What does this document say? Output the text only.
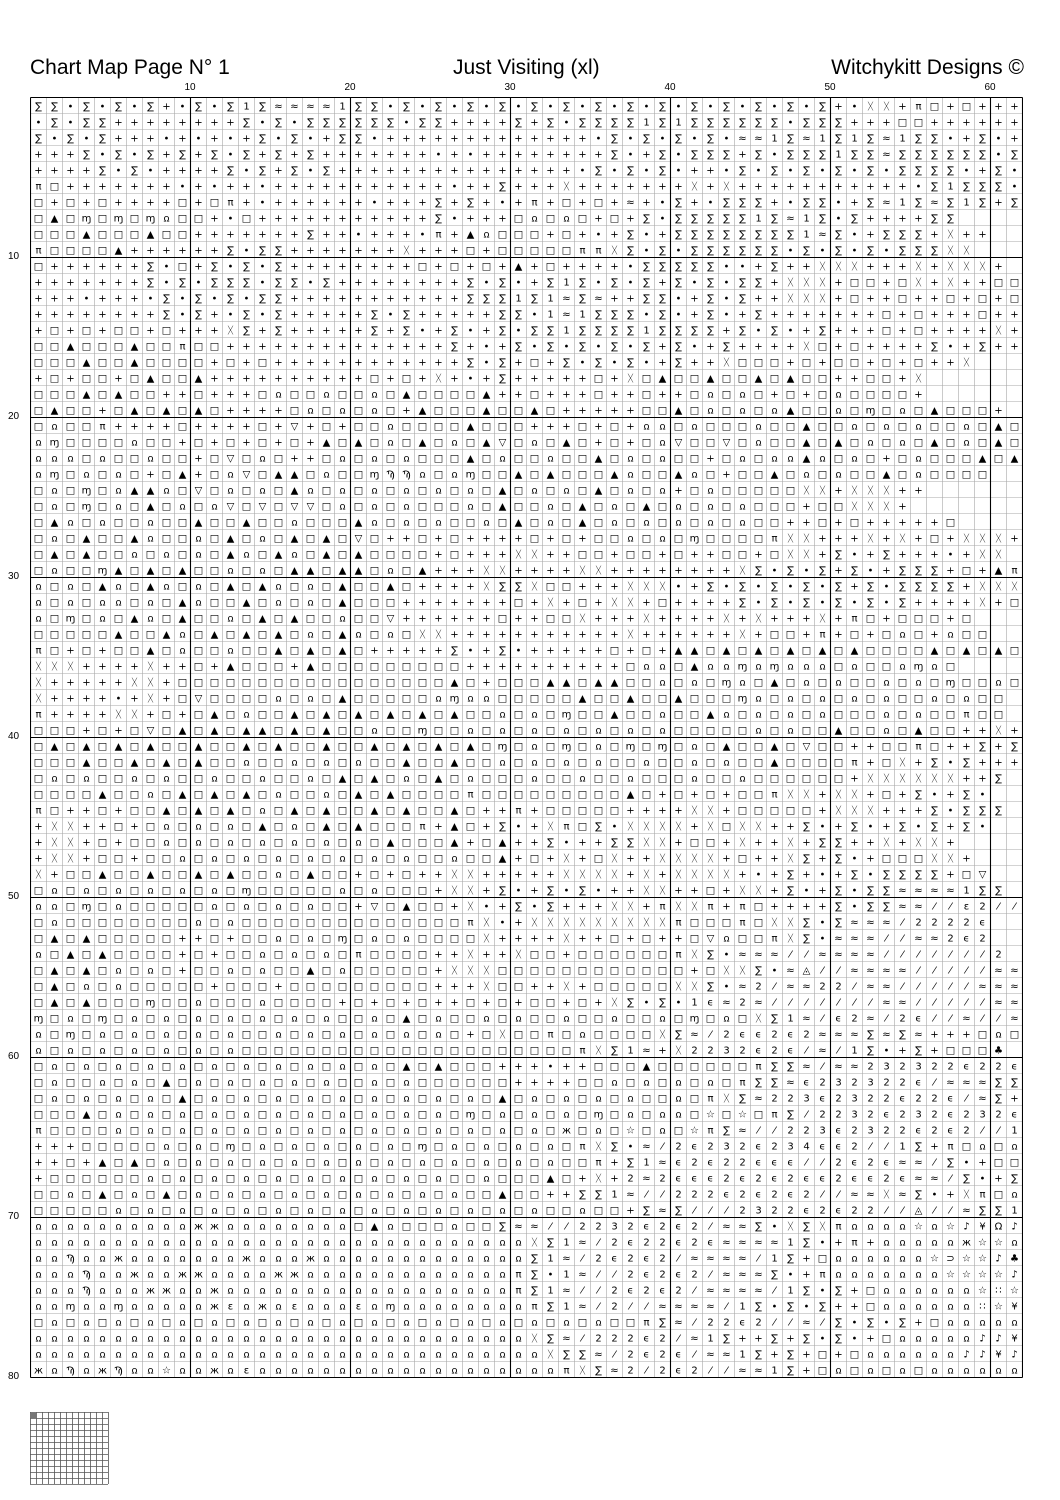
Chart Map Page N° 1	Just Visiting (xl)	Witchykitt Designs ©
10	20	30	40	50	60
10
20
30
40
50
60
70
80
∑ ∑ • ∑ • ∑ • ∑ + • ∑ • ∑ 1 ∑ ≈ ≈ ≈ ≈ 1 ∑ ∑ • ∑ • ∑ • ∑ • ∑ • ∑ • ∑ • ∑ • ∑ • ∑ • ∑ • ∑ • ∑ • ∑ • ∑ + • ᚷ ᚷ + π □ + □ + + +
• ∑ • ∑ ∑ + + + + + + + + ∑ • ∑ • ∑ ∑ ∑ ∑ ∑ ∑ • ∑ ∑ + + + + ∑ + ∑ • ∑ ∑ ∑ ∑ 1 ∑ 1 ∑ ∑ ∑ ∑ ∑ ∑ • ∑ ∑ ∑ + + + □ □ + + + + + +
∑ • ∑ • ∑ + + + • + • + • + ∑ • ∑ • + ∑ ∑ • + + + + + + + + + + + + + • ∑ • ∑ • ∑ • ∑ • ≈ ≈ 1 ∑ ≈ 1 ∑ 1 ∑ ≈ 1 ∑ ∑ • + ∑ • +
+ + + ∑ • ∑ • ∑ + ∑ + ∑ • ∑ + ∑ + ∑ + + + + + + + • + • + + + + + + + + ∑ • + ∑ • ∑ ∑ ∑ + ∑ • ∑ ∑ ∑ 1 ∑ ∑ ≈ ∑ ∑ ∑ ∑ ∑ ∑ • ∑
+ + + + ∑ • ∑ • + + + + ∑ • ∑ + ∑ • ∑ + + + + + + + + + + + + + + + • ∑ • ∑ • ∑ • + + • ∑ • ∑ • ∑ • ∑ • ∑ • ∑ ∑ ∑ ∑ • + ∑ •
π □ + + + + + + + • + • + + • + + + + + + + + + + + • + + ∑ + + + ᚷ + + + + + + + ᚷ + ᚷ + + + + + + + + + + + • ∑ 1 ∑ ∑ ∑ •
□ + □ + □ + + + + □ + □ π + • + + + + + + • + + + ∑ + ∑ + • + π + □ + □ + ≈ + • ∑ + • ∑ ∑ ∑ + • ∑ ∑ • + ∑ ≈ 1 ∑ ≈ ∑ 1 ∑ + ∑
□ ▲ □ ɱ □ ɱ □ ɱ ꭥ □ □ + • □ + + + + + + + + + + + ∑ • + + + □ ꭥ □ ꭥ □ + □ + ∑ • ∑ ∑ ∑ ∑ ∑ 1 ∑ ≈ 1 ∑ • ∑ + + + + ∑ ∑
□ □ □ ▲ □ □ □ ▲ □ □ + + + + + + + ∑ + + • + + + • π + ▲ ꭥ □ □ □ + □ + • + ∑ • + ∑ ∑ ∑ ∑ ∑ ∑ ∑ ∑ 1 ≈ ∑ • + ∑ ∑ ∑ + ᚷ + +
π □ □ □ □ ▲ + + + + + + ∑ • ∑ ∑ + + + + + + + ᚷ + + + □ + □ □ □ □ □ π π ᚷ ∑ • ∑ • ∑ ∑ ∑ ∑ ∑ ∑ • ∑ • ∑ • ∑ • ∑ ∑ ∑ ᚷ ᚷ
□ + + + + + + ∑ • □ + ∑ • ∑ • ∑ + + + + + + + + □ + □ + □ + ▲ + □ + + + + • ∑ ∑ ∑ ∑ ∑ • • + ∑ + + ᚷ ᚷ ᚷ + + + ᚷ + ᚷ ᚷ ᚷ +
+ + + + + + + ∑ • ∑ • ∑ ∑ ∑ • ∑ ∑ • ∑ + + + + + + + + ∑ • ∑ • + ∑ 1 ∑ • ∑ • ∑ + ∑ • ∑ • ∑ ∑ + ᚷ ᚷ ᚷ + □ □ + □ ᚷ + ᚷ + + □ □
+ + + • + + + • ∑ • ∑ • ∑ • ∑ ∑ + + + + + + + + + + + ∑ ∑ ∑ 1 ∑ 1 ≈ ∑ ≈ + + ∑ ∑ • + ∑ • ∑ + + ᚷ ᚷ ᚷ + □ + + □ + + □ + □ + □
+ + + + + + + + ∑ • ∑ + • ∑ • ∑ + + + + + ∑ • ∑ + + + + + ∑ ∑ • 1 ≈ 1 ∑ ∑ ∑ • ∑ • + ∑ • + ∑ + + + + + + + □ + □ + + + □ + +
+ □ + □ + □ □ + □ + + + ᚷ ∑ + ∑ + + + + + ∑ + ∑ • + ∑ • + ∑ • ∑ ∑ 1 ∑ ∑ ∑ ∑ 1 ∑ ∑ ∑ ∑ + ∑ • ∑ • + ∑ + + + □ + □ + + + + ᚷ +
□ □ ▲ □ □ □ ▲ □ □ π □ □ + + + + + + + + + + + + + + ∑ + • + ∑ • ∑ • ∑ • ∑ • ∑ + ∑ • + ∑ + + + + ᚷ □ + □ + + + + ∑ • + ∑ + +
□ □ □ ▲ □ □ ▲ □ □ □ □ + □ + □ + + + + + + + + + + + + ∑ • ∑ + □ + ∑ • ∑ • ∑ • + ∑ + + ᚷ □ □ □ + □ + □ □ + □ + □ + + ᚷ
+ □ + □ □ + □ ▲ □ □ ▲ + + + + + + + + + + □ + □ + ᚷ + • + ∑ + + + + + □ + ᚷ □ ▲ □ □ ▲ □ □ ▲ □ ▲ □ □ + + □ □ + ᚷ
□ □ □ ▲ □ ▲ □ □ + + □ + + + □ ꭥ □ □ ꭥ □ □ ꭥ □ ▲ □ □ □ □ ▲ + + □ + + + □ + + □ + + □ ꭥ □ ꭥ □ + □ + □ ꭥ □ □ □ □ +
□ ▲ □ □ + □ ▲ □ ▲ □ ▲ □ + + + + □ ꭥ □ ꭥ □ ꭥ □ + ▲ □ □ □ ▲ □ □ ▲ □ + + + + + □ □ ▲ □ ꭥ □ ꭥ □ ꭥ ▲ □ □ ꭥ □ ɱ □ ꭥ □ ▲ □ □ □ +
□ ꭥ □ □ π + + + + □ + + + + □ + ▽ + □ + □ □ ꭥ □ □ □ □ ▲ □ □ □ + + + □ + □ + ꭥ ꭥ □ ꭥ □ □ □ ꭥ □ □ ▲ □ □ ꭥ □ ꭥ □ ꭥ □ □ ꭥ □ ▲ □
ꭥ ɱ □ □ □ □ ꭥ □ □ + □ + □ + □ + □ + ▲ □ ▲ □ ꭥ □ ▲ □ ꭥ □ ▲ ▽ □ ꭥ □ ▲ □ + □ + □ ꭥ ▽ □ □ ▽ □ ꭥ □ □ ▲ □ ▲ □ ꭥ □ ꭥ □ ▲ □ ꭥ □ ▲ □
ꭥ ꭥ ꭥ □ ꭥ □ □ ꭥ □ □ + □ ▽ □ ꭥ □ + + □ ꭥ □ ꭥ □ ꭥ □ □ □ ▲ □ ꭥ □ □ ꭥ □ □ ▲ □ ꭥ □ ꭥ □ □ + □ ꭥ □ ꭥ ꭥ ▲ ꭥ □ ꭥ □ + □ ꭥ □ □ □ ▲ □ ▲
ꭥ ɱ □ ꭥ □ ꭥ □ + □ ▲ + □ ꭥ ▽ □ ▲ ▲ □ ꭥ □ □ ɱ Ϡ Ϡ ꭥ □ ꭥ ɱ □ □ ▲ □ ▲ □ □ □ ▲ ꭥ □ □ ▲ ꭥ □ + □ □ ▲ □ ꭥ □ ꭥ □ □ ▲ □ ꭥ □ □ □ □
□ ꭥ □ ɱ □ ꭥ ▲ ▲ ꭥ □ ▽ □ ꭥ □ ꭥ □ ▲ ꭥ □ ꭥ □ ꭥ □ ꭥ □ ꭥ □ ꭥ □ ▲ □ ꭥ □ ꭥ □ ▲ □ ꭥ □ ꭥ + □ ꭥ □ □ □ □ □ ᚷ ᚷ + ᚷ ᚷ ᚷ + +
□ ꭥ □ ɱ □ ꭥ □ ▲ □ ꭥ □ ꭥ ▽ □ ▽ □ ▽ ▽ □ ꭥ □ ꭥ □ ꭥ □ □ □ ꭥ □ ▲ □ □ ꭥ □ ▲ □ ꭥ □ ▲ □ ꭥ □ ꭥ □ ꭥ □ □ □ + □ □ ᚷ ᚷ ᚷ +
□ ▲ ꭥ □ ꭥ □ □ ꭥ □ □ ▲ □ □ ▲ □ □ ꭥ □ □ □ ▲ ꭥ □ ꭥ □ ꭥ □ □ ꭥ □ ▲ □ ꭥ □ ▲ □ ꭥ □ ꭥ □ ꭥ □ ꭥ □ ꭥ □ □ + + □ + □ + + + + + □
□ ꭥ □ ▲ □ □ ▲ ꭥ □ □ ꭥ □ ▲ □ ꭥ □ ▲ □ ▲ □ ▽ □ + + □ + □ + + + + □ + □ + □ □ ꭥ □ ꭥ □ ɱ □ □ □ □ π ᚷ ᚷ + + + ᚷ + ᚷ + □ + ᚷ ᚷ ᚷ +
□ ▲ □ ▲ □ □ ꭥ □ ꭥ □ ꭥ □ ▲ ꭥ □ ▲ ꭥ □ ▲ □ ▲ □ □ □ □ + □ + + + ᚷ ᚷ + + □ □ + □ □ + □ + + □ □ + □ ᚷ ᚷ + ∑ • + ∑ + + + • + ᚷ ᚷ
□ ꭥ □ □ ɱ ▲ □ ▲ □ ▲ □ □ ꭥ □ ꭥ □ ▲ ▲ □ ▲ ▲ □ ꭥ □ ▲ + + + ᚷ ᚷ + + + + ᚷ ᚷ + + + + + + + + ᚷ ∑ • ∑ • ∑ + ∑ • + ∑ ∑ ∑ + □ + ▲ π
ꭥ □ ꭥ □ ▲ ꭥ □ ▲ ꭥ □ ꭥ □ ▲ □ ▲ ꭥ □ ꭥ □ ▲ □ □ ▲ □ + + + + ᚷ ∑ ∑ ᚷ □ □ + + + ᚷ ᚷ ᚷ • + ∑ • ∑ • ∑ • ∑ • ∑ + ∑ • ∑ ∑ ∑ ∑ + ᚷ ᚷ ᚷ
ꭥ □ ꭥ □ ꭥ ꭥ □ ꭥ □ ▲ ꭥ □ □ ▲ □ ꭥ □ ꭥ □ ▲ □ □ □ + + + + + + + □ + ᚷ + □ + ᚷ ᚷ + □ + + + + ∑ • ∑ • ∑ • ∑ • ∑ • ∑ + + + + ᚷ + □
ꭥ □ ɱ □ ꭥ □ ▲ ꭥ □ ▲ □ □ ꭥ □ ▲ □ ▲ □ □ ꭥ □ □ ▽ + + + + + + □ + + □ □ ᚷ + + + ᚷ + + + + ᚷ + ᚷ + + + ᚷ + π □ + □ □ □ + □
□ □ □ □ □ ▲ □ □ ▲ ꭥ □ ▲ □ ▲ □ ▲ □ ꭥ □ ▲ ꭥ □ ꭥ □ ᚷ ᚷ + + + + + + + + + + + ᚷ + + + + + + ᚷ + □ □ + π + □ + □ ꭥ □ + ꭥ □ □
π □ + □ + □ □ ▲ □ ꭥ □ □ ꭥ □ □ ▲ □ ▲ □ ▲ □ + + + + + ∑ • + ∑ • + + + + + □ + □ + ▲ ▲ □ ▲ □ ▲ □ ▲ □ ▲ □ ▲ □ □ □ □ ▲ □ ▲ □ ▲ □
ᚷ ᚷ ᚷ + + + + ᚷ + + □ + ▲ □ □ □ + ▲ □ □ □ □ □ □ □ □ □ + + + + + + + + + + □ ꭥ ꭥ □ ▲ ꭥ ꭥ ɱ ꭥ ɱ ꭥ ꭥ ꭥ □ ꭥ □ □ ꭥ ɱ ꭥ □
ᚷ + + + + + ᚷ ᚷ + □ □ □ □ □ □ □ □ □ □ □ □ □ □ □ □ □ ▲ □ + □ □ □ ▲ ▲ □ ▲ ▲ □ □ ꭥ □ ꭥ □ ɱ ꭥ □ ▲ □ ꭥ □ ꭥ □ □ ꭥ □ ꭥ □ ɱ □ □ ꭥ □
ᚷ + + + + • + ᚷ + □ ▽ □ □ □ □ ꭥ □ ꭥ □ ▲ □ □ □ □ □ ꭥ ɱ ꭥ ꭥ □ □ □ □ □ ▲ □ □ ▲ □ □ ▲ □ □ □ ɱ ꭥ □ ꭥ □ ꭥ □ ꭥ □ ꭥ □ □ ꭥ □ ꭥ □ □
π + + + + ᚷ ᚷ + □ + □ ▲ □ ꭥ □ □ ▲ □ ▲ □ ▲ □ ▲ □ ▲ □ ▲ □ □ ꭥ □ ꭥ □ ɱ □ □ ▲ □ □ ꭥ □ □ ▲ ꭥ □ ꭥ □ ꭥ □ ꭥ □ □ □ ꭥ □ ꭥ □ □ π □ □
□ □ □ + □ + □ ▽ □ ▲ □ ▲ □ ▲ ▲ □ ▲ □ ▲ □ □ ꭥ □ □ ɱ □ □ ꭥ □ ꭥ □ ꭥ □ ꭥ □ ꭥ □ ꭥ □ ꭥ □ □ □ □ □ ꭥ □ ꭥ □ □ ▲ □ □ ꭥ □ ▲ □ □ + + ᚷ +
□ ▲ □ ▲ □ ▲ □ ▲ □ □ ▲ □ □ ▲ □ ▲ □ □ ▲ □ □ ▲ □ ▲ □ ▲ □ ▲ □ ɱ □ ꭥ □ ɱ □ ꭥ □ ɱ □ ɱ □ ꭥ □ ▲ □ □ ▲ □ ▽ □ □ + + □ □ π □ + + ∑ + ∑
□ □ □ ▲ □ □ ▲ □ ▲ □ ▲ □ □ ꭥ □ □ ꭥ □ ꭥ □ ꭥ □ □ ▲ □ □ ▲ □ □ ꭥ □ ꭥ □ ꭥ □ ꭥ □ □ ꭥ □ □ ꭥ □ ꭥ □ □ ▲ □ □ □ □ π + □ ᚷ + ∑ • ∑ + + +
□ ꭥ □ ꭥ □ □ ꭥ □ ꭥ □ □ ꭥ □ □ ꭥ □ □ ꭥ □ ▲ □ ▲ □ ꭥ □ ▲ □ ꭥ □ □ □ ꭥ □ □ ꭥ □ □ ꭥ □ □ □ ꭥ □ □ ꭥ □ □ □ □ □ □ + ᚷ ᚷ ᚷ ᚷ ᚷ ᚷ + + ∑
□ □ □ □ ▲ □ □ ꭥ □ ▲ □ ▲ □ ▲ □ ꭥ □ □ ꭥ □ ▲ □ ▲ □ □ □ □ π □ □ □ □ □ □ □ □ □ ▲ □ + □ + □ + □ □ π ᚷ ᚷ + ᚷ ᚷ + □ + ∑ • + ∑ •
π □ + + □ + □ □ ▲ □ ▲ □ ▲ □ ꭥ □ ▲ □ ▲ □ □ ▲ □ ▲ □ □ ▲ □ + + π + □ □ □ □ □ + + + + ᚷ ᚷ + □ □ □ □ □ + ᚷ ᚷ ᚷ + + + ∑ • ∑ ∑ ∑
+ ᚷ ᚷ + + □ + □ ꭥ □ ꭥ □ ꭥ □ ▲ □ ꭥ □ ▲ □ ▲ □ □ □ π + ▲ □ + ∑ • + ᚷ π □ ∑ • ᚷ ᚷ ᚷ ᚷ + ᚷ □ ᚷ ᚷ + + ∑ • + ∑ • + ∑ • ∑ + ∑ •
+ ᚷ ᚷ + □ + □ □ ꭥ □ ꭥ □ ꭥ □ ꭥ □ ꭥ □ ꭥ □ ꭥ □ ▲ □ □ □ ▲ + □ ▲ + + ∑ • + + ∑ ∑ ᚷ ᚷ + □ □ + ᚷ + + ᚷ + ∑ ∑ + + ᚷ + ᚷ ᚷ +
+ ᚷ ᚷ + □ □ + □ □ ꭥ □ ꭥ □ ꭥ □ ꭥ □ ꭥ □ ꭥ □ ꭥ □ ꭥ □ □ ꭥ □ □ ▲ + □ + ᚷ + □ ᚷ + + ᚷ ᚷ ᚷ ᚷ + □ + + ᚷ ∑ + ∑ • + □ □ □ ᚷ ᚷ +
ᚷ + □ □ ▲ □ □ ▲ □ □ ▲ □ ▲ □ □ ꭥ □ ▲ □ □ + □ + □ + + ᚷ ᚷ + + + + + ᚷ ᚷ ᚷ ᚷ + ᚷ + ᚷ ᚷ ᚷ ᚷ + • + ∑ + • + ∑ • ∑ ∑ ∑ ∑ + □ ▽
□ ꭥ □ ꭥ □ ꭥ □ ꭥ □ ꭥ □ ꭥ □ ɱ □ □ □ □ □ ꭥ □ ꭥ □ □ □ + ᚷ ᚷ + ∑ • + ∑ • ∑ • + + ᚷ ᚷ + + □ + ᚷ ᚷ + ∑ • + ∑ • ∑ ∑ ≈ ≈ ≈ ≈ 1 ∑ ∑
ꭥ ꭥ □ ɱ □ ꭥ □ □ □ □ □ ꭥ □ ꭥ □ ꭥ □ ꭥ □ □ + ▽ □ ▲ □ □ + ᚷ • + ∑ • ∑ + + + ᚷ ᚷ + π ᚷ ᚷ π + π □ + + + + ∑ • ∑ ∑ ≈ ≈ ⁄ ⁄ ɛ 2 ⁄ ⁄
□ ꭥ □ □ □ □ □ □ □ □ ꭥ □ ꭥ □ □ □ □ □ □ □ □ □ □ □ □ □ □ π ᚷ • + ᚷ ᚷ ᚷ ᚷ ᚷ ᚷ ᚷ ᚷ ᚷ π □ □ □ π □ ᚷ ᚷ ∑ • ∑ ≈ ≈ ≈ ⁄ 2 2 2 2 ϵ
□ ▲ □ ▲ □ □ □ □ □ + + □ + □ □ ꭥ □ ꭥ □ ɱ □ ꭥ □ ꭥ □ □ □ □ ᚷ + + + + ᚷ + + □ + □ + + □ ▽ ꭥ □ □ π ᚷ ∑ • ≈ ≈ ≈ ⁄ ⁄ ≈ ≈ 2 ϵ 2
ꭥ □ ▲ □ ▲ □ □ □ □ + □ + □ □ ꭥ □ ꭥ □ ꭥ □ π □ □ □ □ + + ᚷ + + ᚷ □ □ + □ □ □ □ □ □ π ᚷ ∑ • ≈ ≈ ≈ ⁄ ⁄ ≈ ≈ ≈ ≈ ⁄ ⁄ ⁄ ⁄ ⁄ ⁄ ⁄ 2
□ ▲ □ ▲ □ ꭥ □ ꭥ □ + □ □ ꭥ □ ꭥ □ □ ▲ □ ꭥ □ □ □ □ □ + ᚷ ᚷ ᚷ □ □ □ □ □ □ □ □ □ □ □ □ + □ ᚷ ᚷ ∑ • ≈ ◬ ⁄ ⁄ ≈ ≈ ≈ ≈ ⁄ ⁄ ⁄ ⁄ ⁄ ≈ ≈
□ ▲ □ ꭥ □ ꭥ □ □ □ □ □ + □ □ □ + □ □ □ □ □ □ □ □ □ + + + ᚷ □ □ + + ᚷ + □ □ □ □ □ ᚷ ᚷ ∑ • ≈ 2 ⁄ ≈ ≈ 2 2 ⁄ ≈ ≈ ⁄ ⁄ ⁄ ⁄ ⁄ ≈ ≈ ≈
□ ▲ □ ▲ □ □ □ ɱ □ □ ꭥ □ □ □ ꭥ □ □ □ □ + □ + □ + □ + + □ + □ + □ □ + □ + ᚷ ∑ • ∑ • 1 ϵ ≈ 2 ≈ ⁄ ⁄ ⁄ ⁄ ⁄ ⁄ ⁄ ≈ ≈ ⁄ ⁄ ⁄ ⁄ ⁄ ≈ ≈
ɱ □ ꭥ □ ɱ □ ꭥ □ ꭥ □ ꭥ □ ꭥ □ ꭥ □ ꭥ □ ꭥ □ □ ꭥ □ ▲ □ ꭥ □ □ ꭥ □ ꭥ □ □ ꭥ □ □ ꭥ □ □ ꭥ □ ɱ □ ꭥ □ ᚷ ∑ 1 ≈ ⁄ ϵ 2 ≈ ⁄ 2 ϵ ⁄ ⁄ ≈ ⁄ ⁄ ≈
ꭥ □ ɱ □ ꭥ □ ꭥ □ ꭥ □ ꭥ □ ꭥ □ □ ꭥ □ ꭥ □ ꭥ □ ꭥ □ ꭥ □ ꭥ □ + □ ᚷ □ □ π □ ꭥ □ □ □ □ ᚷ ∑ ≈ ⁄ 2 ϵ ϵ 2 ϵ 2 ≈ ≈ ≈ ∑ ≈ ∑ ≈ + + + □ ꭥ □
ꭥ □ ꭥ □ ꭥ □ ꭥ □ ꭥ □ ꭥ □ ꭥ □ □ □ □ □ □ □ □ □ □ □ □ □ □ □ □ □ □ □ □ □ π ᚷ ∑ 1 ≈ + ᚷ 2 2 3 2 ϵ 2 ϵ ⁄ ≈ ⁄ 1 ∑ • + ∑ + □ □ □ ♣
□ ꭥ □ ꭥ □ ꭥ □ ꭥ □ ꭥ □ ꭥ □ ꭥ □ ꭥ □ ꭥ □ ꭥ □ ꭥ □ ▲ □ ▲ □ □ □ + + + • + + □ □ □ ▲ □ □ □ □ □ □ π ∑ ∑ ≈ ⁄ ≈ ≈ 2 3 2 3 2 2 ϵ 2 2 ϵ
□ ꭥ □ □ ꭥ □ ꭥ □ ▲ □ ꭥ □ ꭥ □ ꭥ □ ꭥ □ ꭥ □ □ ꭥ □ ꭥ □ □ □ □ □ □ + + + + □ □ ꭥ □ ꭥ □ ꭥ □ ꭥ □ π ∑ ∑ ≈ ϵ 2 3 2 3 2 2 ϵ ⁄ ≈ ≈ ≈ ∑ ∑
□ ꭥ □ ꭥ □ ꭥ □ ꭥ □ ▲ □ ꭥ □ ꭥ □ ꭥ □ ꭥ □ ꭥ □ ꭥ □ ꭥ □ ꭥ □ ꭥ □ ▲ □ ꭥ □ ꭥ □ ꭥ □ ꭥ □ □ ꭥ □ π ᚷ ∑ ≈ 2 2 3 ϵ 2 3 2 2 ϵ 2 2 ϵ ⁄ ≈ ∑ +
□ □ □ ▲ □ ꭥ □ ꭥ □ ꭥ □ ꭥ □ ꭥ □ ꭥ □ ꭥ □ ꭥ □ ꭥ □ ꭥ □ ꭥ □ ɱ □ ꭥ □ ꭥ □ ꭥ □ ɱ □ ꭥ □ ꭥ ꭥ □ ☆ □ ☆ □ π ∑ ⁄ 2 2 3 2 ϵ 2 3 2 ϵ 2 3 2 ϵ
π □ □ □ □ ꭥ □ ꭥ □ ꭥ □ ꭥ □ ꭥ □ ꭥ □ ꭥ □ ꭥ □ ꭥ □ ꭥ □ ꭥ □ ꭥ □ ꭥ □ ꭥ □ ж □ ꭥ □ ☆ □ ꭥ □ ☆ π ∑ ≈ ⁄ ⁄ 2 2 3 ϵ 2 3 2 2 ϵ 2 ϵ 2 ⁄ ⁄ 1
+ + + □ □ □ □ □ ꭥ □ ꭥ □ ɱ □ ꭥ □ ꭥ □ ꭥ □ ꭥ □ ꭥ □ ɱ □ ꭥ □ ꭥ □ ꭥ □ ꭥ □ π ᚷ ∑ • ≈ ⁄ 2 ϵ 2 3 2 ϵ 2 3 4 ϵ ϵ 2 ⁄ ⁄ 1 ∑ + π □ ꭥ □ ꭥ
+ + □ + ▲ □ ▲ □ ꭥ □ ꭥ □ ꭥ □ ꭥ □ ꭥ □ ꭥ □ ꭥ □ ꭥ □ ꭥ □ ꭥ □ ꭥ □ ꭥ □ ꭥ □ □ π + ∑ 1 ≈ ϵ 2 ϵ 2 2 ϵ ϵ ϵ ⁄ ⁄ 2 ϵ 2 ϵ ≈ ≈ ⁄ ∑ • + □ □
+ □ □ □ □ □ □ ꭥ □ ꭥ □ ꭥ □ ꭥ □ ꭥ □ ꭥ □ ꭥ □ ꭥ □ ꭥ □ ꭥ □ □ ꭥ □ □ □ ▲ □ + ᚷ + 2 ≈ 2 ϵ ϵ ϵ 2 ϵ 2 ϵ 2 ϵ ϵ 2 ϵ ϵ 2 ϵ ≈ ≈ ⁄ ∑ • + ∑
□ □ ꭥ □ ▲ □ ꭥ □ ▲ □ ꭥ □ ꭥ □ ꭥ □ ꭥ □ ꭥ □ ꭥ □ ꭥ □ ꭥ □ ꭥ □ □ ▲ □ □ + + ∑ ∑ 1 ≈ ⁄ ⁄ 2 2 2 ϵ 2 ϵ 2 ϵ 2 ⁄ ⁄ ≈ ≈ ᚷ ≈ ∑ • + ᚷ π □ ꭥ
□ □ □ □ □ ꭥ □ ꭥ □ ꭥ □ ꭥ □ ꭥ □ ꭥ □ ꭥ □ ꭥ □ ꭥ □ ꭥ □ ꭥ □ ꭥ □ ꭥ □ ꭥ □ □ ꭥ □ □ + ∑ ≈ ∑ ⁄ ⁄ ⁄ 2 3 2 2 ϵ 2 ϵ 2 2 ⁄ ⁄ ◬ ⁄ ⁄ ≈ ∑ ∑ 1
ꭥ ꭥ ꭥ ꭥ ꭥ ꭥ ꭥ ꭥ ꭥ ꭥ ж ж ꭥ ꭥ ꭥ ꭥ ꭥ ꭥ ꭥ ꭥ □ ▲ ꭥ □ □ □ ꭥ □ □ ∑ ≈ ≈ ⁄ ⁄ 2 2 3 2 ϵ 2 ϵ 2 ⁄ ≈ ≈ ∑ • ᚷ ∑ ᚷ π ꭥ ꭥ ꭥ ꭥ ☆ ꭥ ☆ ♪ ¥ Ω ♪
ꭥ ꭥ ꭥ ꭥ ꭥ ꭥ ꭥ ꭥ ꭥ ꭥ ꭥ ꭥ ꭥ ꭥ ꭥ ꭥ ꭥ ꭥ ꭥ ꭥ ꭥ ꭥ ꭥ ꭥ ꭥ ꭥ ꭥ ꭥ ꭥ ꭥ ꭥ ᚷ ∑ 1 ≈ ⁄ 2 ϵ 2 2 ϵ 2 ϵ ≈ ≈ ≈ ≈ 1 ∑ • + π + ꭥ ꭥ ꭥ ꭥ ꭥ ж ☆ ☆ ꭥ
ꭥ ꭥ Ϡ ꭥ ꭥ ж ꭥ ꭥ ꭥ ꭥ ꭥ ꭥ ꭥ ж ꭥ ꭥ ꭥ ж ꭥ ꭥ ꭥ ꭥ ꭥ ꭥ ꭥ ꭥ ꭥ ꭥ ꭥ ꭥ ꭥ ∑ 1 ≈ ⁄ 2 ϵ 2 ϵ 2 ⁄ ≈ ≈ ≈ ≈ ⁄ 1 ∑ + □ ꭥ ꭥ ꭥ ꭥ ꭥ ꭥ ☆ ⊃ ☆ ☆ ♪ ♣
ꭥ ꭥ ꭥ Ϡ ꭥ ꭥ ж ꭥ ꭥ ж ж ꭥ ꭥ ꭥ ꭥ ж ж ꭥ ꭥ ꭥ ꭥ ꭥ ꭥ ꭥ ꭥ ꭥ ꭥ ꭥ ꭥ ꭥ π ∑ • 1 ≈ ⁄ ⁄ 2 ϵ 2 ϵ 2 ⁄ ≈ ≈ ≈ ∑ • + π ꭥ ꭥ ꭥ ꭥ ꭥ ꭥ ꭥ ☆ ☆ ☆ ☆ ♪
ꭥ ꭥ ꭥ Ϡ ꭥ ꭥ ꭥ ж ж ꭥ ꭥ ж ꭥ ꭥ ꭥ ꭥ ꭥ ꭥ ꭥ ꭥ ꭥ ꭥ ꭥ ꭥ ꭥ ꭥ ꭥ ꭥ ꭥ ꭥ π ∑ 1 ≈ ⁄ ⁄ 2 ϵ 2 ϵ 2 ⁄ ≈ ≈ ≈ ≈ ⁄ 1 ∑ • ∑ + □ ꭥ ꭥ ꭥ ꭥ ꭥ ꭥ ☆ ∷ ☆
ꭥ ꭥ ɱ ꭥ ꭥ ɱ ꭥ ꭥ ꭥ ꭥ ꭥ ж ɛ ꭥ ж ꭥ ɛ ꭥ ꭥ ꭥ ɛ ꭥ ɱ ꭥ ꭥ ꭥ ꭥ ꭥ ꭥ ꭥ ꭥ π ∑ 1 ≈ ⁄ 2 ⁄ ⁄ ≈ ≈ ≈ ≈ ⁄ 1 ∑ • ∑ • ∑ + + □ ꭥ ꭥ ꭥ ꭥ ꭥ ꭥ ∷ ☆ ¥
□ ꭥ □ ꭥ □ ꭥ □ ꭥ □ ꭥ □ ꭥ □ ꭥ □ ꭥ □ ꭥ □ ꭥ □ ꭥ □ ꭥ □ ꭥ □ ꭥ □ ꭥ □ ꭥ □ ꭥ □ ꭥ □ □ π ∑ ≈ ⁄ 2 2 ϵ 2 ⁄ ⁄ ≈ ⁄ ∑ • ∑ • ∑ + □ ꭥ ꭥ ꭥ ꭥ ꭥ
ꭥ ꭥ ꭥ ꭥ ꭥ ꭥ ꭥ ꭥ ꭥ ꭥ ꭥ ꭥ ꭥ ꭥ ꭥ ꭥ ꭥ ꭥ ꭥ ꭥ ꭥ ꭥ ꭥ ꭥ ꭥ ꭥ ꭥ ꭥ ꭥ ꭥ ꭥ ᚷ ∑ ≈ ⁄ 2 2 2 ϵ 2 ⁄ ≈ 1 ∑ + + ∑ + ∑ • ∑ • + □ ꭥ ꭥ ꭥ ꭥ ꭥ ♪ ♪ ¥
ꭥ ꭥ ꭥ ꭥ ꭥ ꭥ ꭥ ꭥ ꭥ ꭥ ꭥ ꭥ ꭥ ꭥ ꭥ ꭥ ꭥ ꭥ ꭥ ꭥ ꭥ ꭥ ꭥ ꭥ ꭥ ꭥ ꭥ ꭥ ꭥ ꭥ ꭥ ꭥ ᚷ ∑ ∑ ≈ ⁄ 2 ϵ 2 ϵ ⁄ ≈ ≈ 1 ∑ + ∑ + □ + □ ꭥ ꭥ ꭥ ꭥ ꭥ ꭥ ♪ ♪ ¥ ♪
ж ꭥ Ϡ ꭥ ж Ϡ ꭥ ꭥ ☆ ꭥ ꭥ ж ꭥ ɛ ꭥ ꭥ ꭥ ꭥ ꭥ ꭥ ꭥ ꭥ ꭥ ꭥ ꭥ ꭥ ꭥ ꭥ ꭥ ꭥ ꭥ ꭥ ꭥ π ᚷ ∑ ≈ 2 ⁄ 2 ϵ 2 ⁄ ⁄ ≈ ≈ 1 ∑ + □ ꭥ □ ꭥ □ ꭥ □ ꭥ ꭥ ꭥ ꭥ ꭥ ꭥ
